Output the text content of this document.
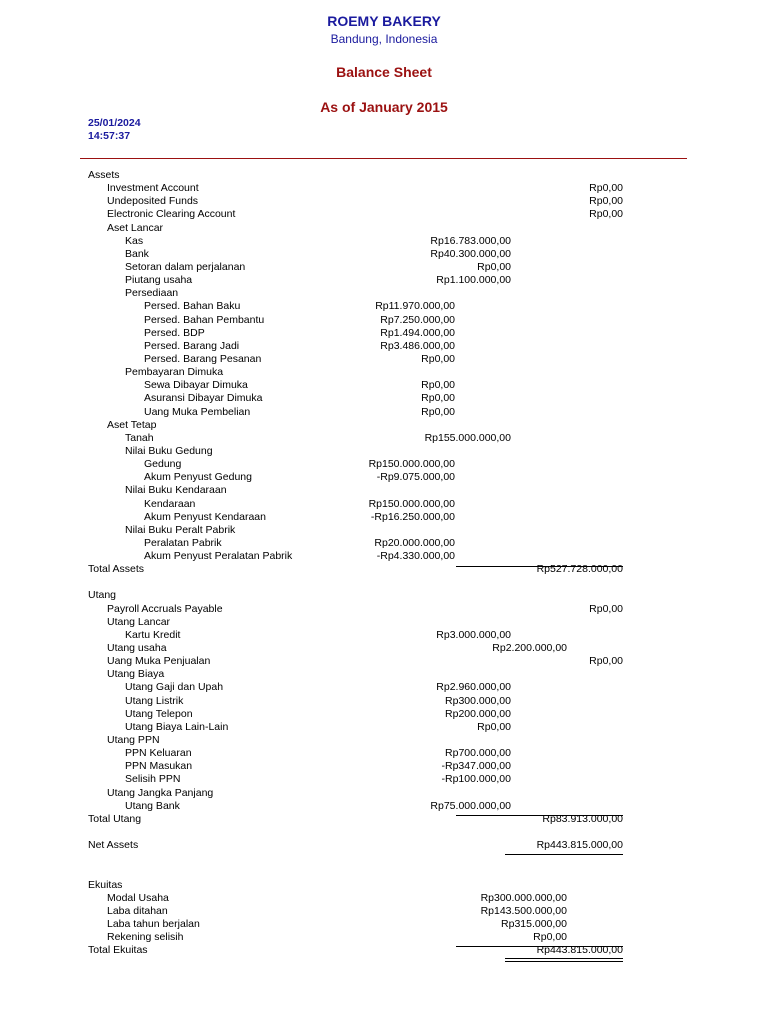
ROEMY BAKERY
Bandung, Indonesia
Balance Sheet
As of January 2015
25/01/2024
14:57:37
Assets
Investment Account	Rp0,00
Undeposited Funds	Rp0,00
Electronic Clearing Account	Rp0,00
Aset Lancar
Kas	Rp16.783.000,00
Bank	Rp40.300.000,00
Setoran dalam perjalanan	Rp0,00
Piutang usaha	Rp1.100.000,00
Persediaan
Persed. Bahan Baku	Rp11.970.000,00
Persed. Bahan Pembantu	Rp7.250.000,00
Persed. BDP	Rp1.494.000,00
Persed. Barang Jadi	Rp3.486.000,00
Persed. Barang Pesanan	Rp0,00
Pembayaran Dimuka
Sewa Dibayar Dimuka	Rp0,00
Asuransi Dibayar Dimuka	Rp0,00
Uang Muka Pembelian	Rp0,00
Aset Tetap
Tanah	Rp155.000.000,00
Nilai Buku Gedung
Gedung	Rp150.000.000,00
Akum Penyust Gedung	-Rp9.075.000,00
Nilai Buku Kendaraan
Kendaraan	Rp150.000.000,00
Akum Penyust Kendaraan	-Rp16.250.000,00
Nilai Buku Peralt Pabrik
Peralatan Pabrik	Rp20.000.000,00
Akum Penyust Peralatan Pabrik	-Rp4.330.000,00
Total Assets	Rp527.728.000,00
Utang
Payroll Accruals Payable	Rp0,00
Utang Lancar
Kartu Kredit	Rp3.000.000,00
Utang usaha	Rp2.200.000,00
Uang Muka Penjualan	Rp0,00
Utang Biaya
Utang Gaji dan Upah	Rp2.960.000,00
Utang Listrik	Rp300.000,00
Utang Telepon	Rp200.000,00
Utang Biaya Lain-Lain	Rp0,00
Utang PPN
PPN Keluaran	Rp700.000,00
PPN Masukan	-Rp347.000,00
Selisih PPN	-Rp100.000,00
Utang Jangka Panjang
Utang Bank	Rp75.000.000,00
Total Utang	Rp83.913.000,00
Net Assets	Rp443.815.000,00
Ekuitas
Modal Usaha	Rp300.000.000,00
Laba ditahan	Rp143.500.000,00
Laba tahun berjalan	Rp315.000,00
Rekening selisih	Rp0,00
Total Ekuitas	Rp443.815.000,00
